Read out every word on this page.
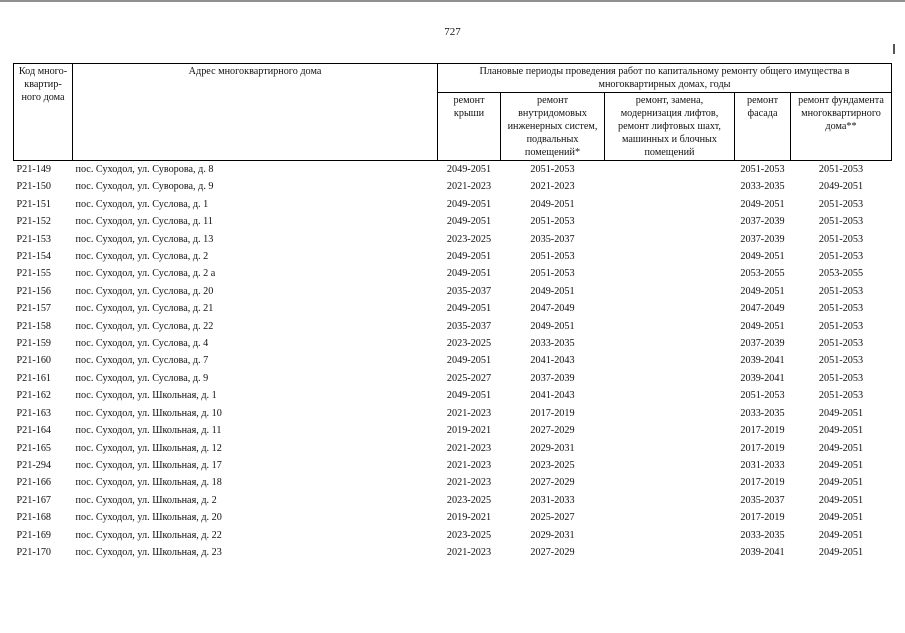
727
Код много-квартир-ного дома	Адрес многоквартирного дома	Плановые периоды проведения работ по капитальному ремонту общего имущества в многоквартирных домах, годы				
		ремонт крыши	ремонт внутридомовых инженерных систем, подвальных помещений*	ремонт, замена, модернизация лифтов, ремонт лифтовых шахт, машинных и блочных помещений	ремонт фасада	ремонт фундамента многоквартирного дома**
P21-149	пос. Суходол, ул. Суворова, д. 8	2049-2051	2051-2053		2051-2053	2051-2053
P21-150	пос. Суходол, ул. Суворова, д. 9	2021-2023	2021-2023		2033-2035	2049-2051
P21-151	пос. Суходол, ул. Суслова, д. 1	2049-2051	2049-2051		2049-2051	2051-2053
P21-152	пос. Суходол, ул. Суслова, д. 11	2049-2051	2051-2053		2037-2039	2051-2053
P21-153	пос. Суходол, ул. Суслова, д. 13	2023-2025	2035-2037		2037-2039	2051-2053
P21-154	пос. Суходол, ул. Суслова, д. 2	2049-2051	2051-2053		2049-2051	2051-2053
P21-155	пос. Суходол, ул. Суслова, д. 2 а	2049-2051	2051-2053		2053-2055	2053-2055
P21-156	пос. Суходол, ул. Суслова, д. 20	2035-2037	2049-2051		2049-2051	2051-2053
P21-157	пос. Суходол, ул. Суслова, д. 21	2049-2051	2047-2049		2047-2049	2051-2053
P21-158	пос. Суходол, ул. Суслова, д. 22	2035-2037	2049-2051		2049-2051	2051-2053
P21-159	пос. Суходол, ул. Суслова, д. 4	2023-2025	2033-2035		2037-2039	2051-2053
P21-160	пос. Суходол, ул. Суслова, д. 7	2049-2051	2041-2043		2039-2041	2051-2053
P21-161	пос. Суходол, ул. Суслова, д. 9	2025-2027	2037-2039		2039-2041	2051-2053
P21-162	пос. Суходол, ул. Школьная, д. 1	2049-2051	2041-2043		2051-2053	2051-2053
P21-163	пос. Суходол, ул. Школьная, д. 10	2021-2023	2017-2019		2033-2035	2049-2051
P21-164	пос. Суходол, ул. Школьная, д. 11	2019-2021	2027-2029		2017-2019	2049-2051
P21-165	пос. Суходол, ул. Школьная, д. 12	2021-2023	2029-2031		2017-2019	2049-2051
P21-294	пос. Суходол, ул. Школьная, д. 17	2021-2023	2023-2025		2031-2033	2049-2051
P21-166	пос. Суходол, ул. Школьная, д. 18	2021-2023	2027-2029		2017-2019	2049-2051
P21-167	пос. Суходол, ул. Школьная, д. 2	2023-2025	2031-2033		2035-2037	2049-2051
P21-168	пос. Суходол, ул. Школьная, д. 20	2019-2021	2025-2027		2017-2019	2049-2051
P21-169	пос. Суходол, ул. Школьная, д. 22	2023-2025	2029-2031		2033-2035	2049-2051
P21-170	пос. Суходол, ул. Школьная, д. 23	2021-2023	2027-2029		2039-2041	2049-2051
